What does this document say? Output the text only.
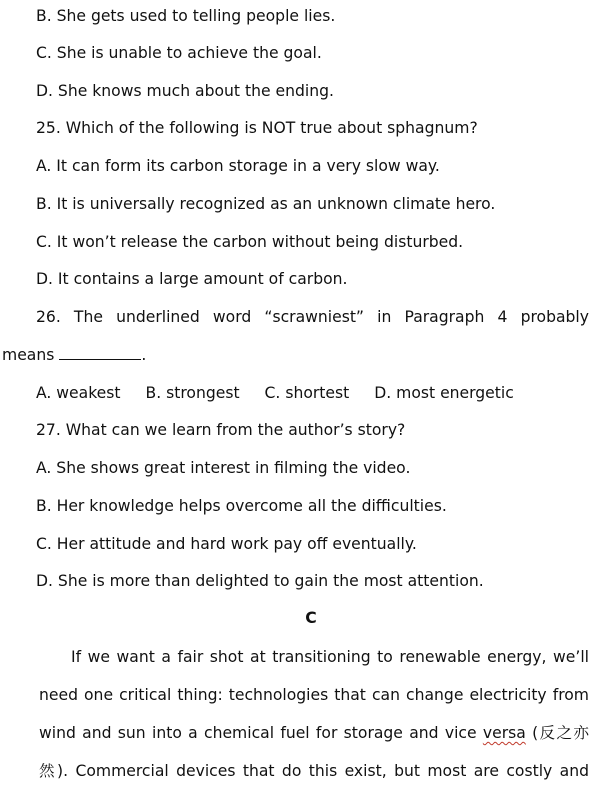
B. She gets used to telling people lies.
C. She is unable to achieve the goal.
D. She knows much about the ending.
25. Which of the following is NOT true about sphagnum?
A. It can form its carbon storage in a very slow way.
B. It is universally recognized as an unknown climate hero.
C. It won’t release the carbon without being disturbed.
D. It contains a large amount of carbon.
26. The underlined word “scrawniest” in Paragraph 4 probably
means	.
A. weakest B. strongest C. shortest D. most energetic
27. What can we learn from the author’s story?
A. She shows great interest in filming the video.
B. Her knowledge helps overcome all the difficulties.
C. Her attitude and hard work pay off eventually.
D. She is more than delighted to gain the most attention.
C
If we want a fair shot at transitioning to renewable energy, we’ll
need one critical thing: technologies that can change electricity from
wind and sun into a chemical fuel for storage and vice versa (反之亦
然). Commercial devices that do this exist, but most are costly and
